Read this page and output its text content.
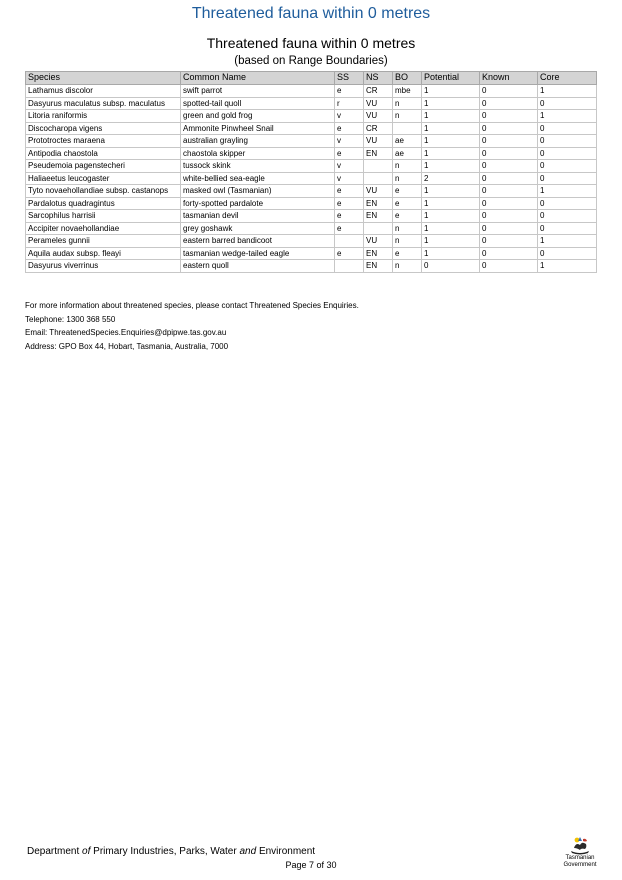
Threatened fauna within 0 metres
Threatened fauna within 0 metres
(based on Range Boundaries)
Species	Common Name	SS	NS	BO	Potential	Known	Core
Lathamus discolor	swift parrot	e	CR	mbe	1	0	1
Dasyurus maculatus subsp. maculatus	spotted-tail quoll	r	VU	n	1	0	0
Litoria raniformis	green and gold frog	v	VU	n	1	0	1
Discocharopa vigens	Ammonite Pinwheel Snail	e	CR		1	0	0
Prototroctes maraena	australian grayling	v	VU	ae	1	0	0
Antipodia chaostola	chaostola skipper	e	EN	ae	1	0	0
Pseudemoia pagenstecheri	tussock skink	v		n	1	0	0
Haliaeetus leucogaster	white-bellied sea-eagle	v		n	2	0	0
Tyto novaehollandiae subsp. castanops	masked owl (Tasmanian)	e	VU	e	1	0	1
Pardalotus quadragintus	forty-spotted pardalote	e	EN	e	1	0	0
Sarcophilus harrisii	tasmanian devil	e	EN	e	1	0	0
Accipiter novaehollandiae	grey goshawk	e		n	1	0	0
Perameles gunnii	eastern barred bandicoot		VU	n	1	0	1
Aquila audax subsp. fleayi	tasmanian wedge-tailed eagle	e	EN	e	1	0	0
Dasyurus viverrinus	eastern quoll		EN	n	0	0	1
For more information about threatened species, please contact Threatened Species Enquiries.
Telephone: 1300 368 550
Email: ThreatenedSpecies.Enquiries@dpipwe.tas.gov.au
Address: GPO Box 44, Hobart, Tasmania, Australia, 7000
Department of Primary Industries, Parks, Water and Environment
Page 7 of 30
Tasmanian
Government
